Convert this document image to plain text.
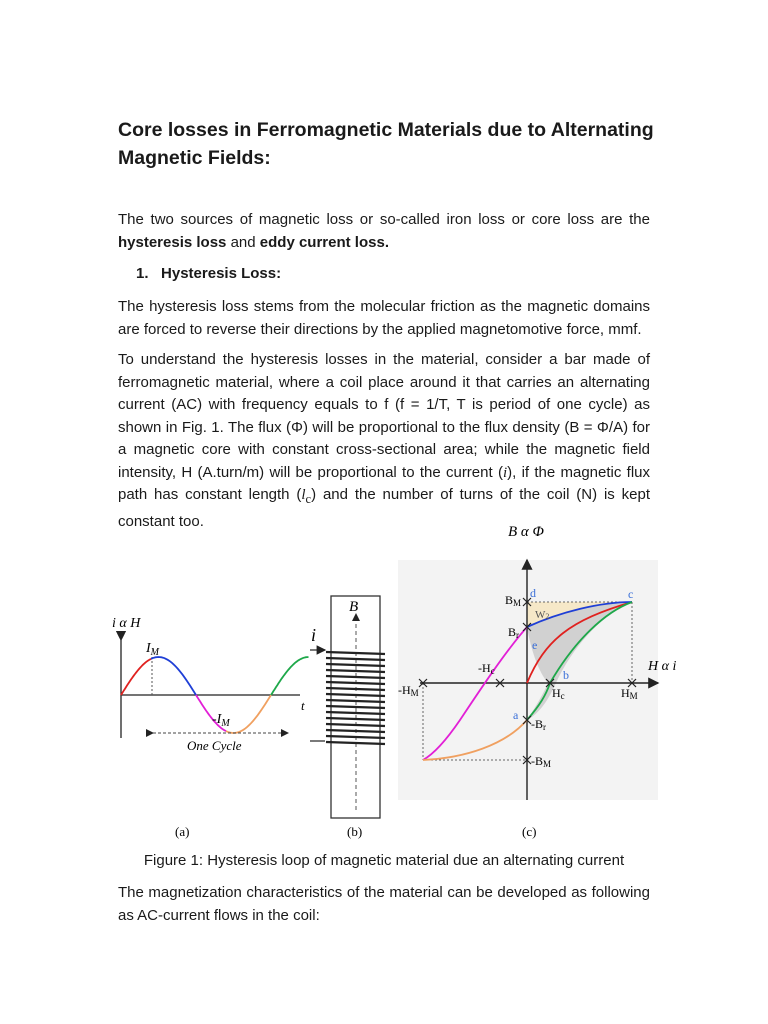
Core losses in Ferromagnetic Materials due to Alternating Magnetic Fields:

The two sources of magnetic loss or so-called iron loss or core loss are the hysteresis loss and eddy current loss.

1. Hysteresis Loss:

The hysteresis loss stems from the molecular friction as the magnetic domains are forced to reverse their directions by the applied magnetomotive force, mmf.

To understand the hysteresis losses in the material, consider a bar made of ferromagnetic material, where a coil place around it that carries an alternating current (AC) with frequency equals to f (f = 1/T, T is period of one cycle) as shown in Fig. 1. The flux (Φ) will be proportional to the flux density (B = Φ/A) for a magnetic core with constant cross-sectional area; while the magnetic field intensity, H (A.turn/m) will be proportional to the current (i), if the magnetic flux path has constant length $(l_c)$ and the number of turns of the coil (N) is kept constant too.

i α H
$I_M$
$-I_M$
t
One Cycle
(a)
B
i
(b)
B α Φ
BM
Br
-Hc
-HM	Hc	HM
-Br
-BM
H α i
d	c
e
b
a
W2
(c)
Figure 1: Hysteresis loop of magnetic material due an alternating current

The magnetization characteristics of the material can be developed as following as AC-current flows in the coil:
